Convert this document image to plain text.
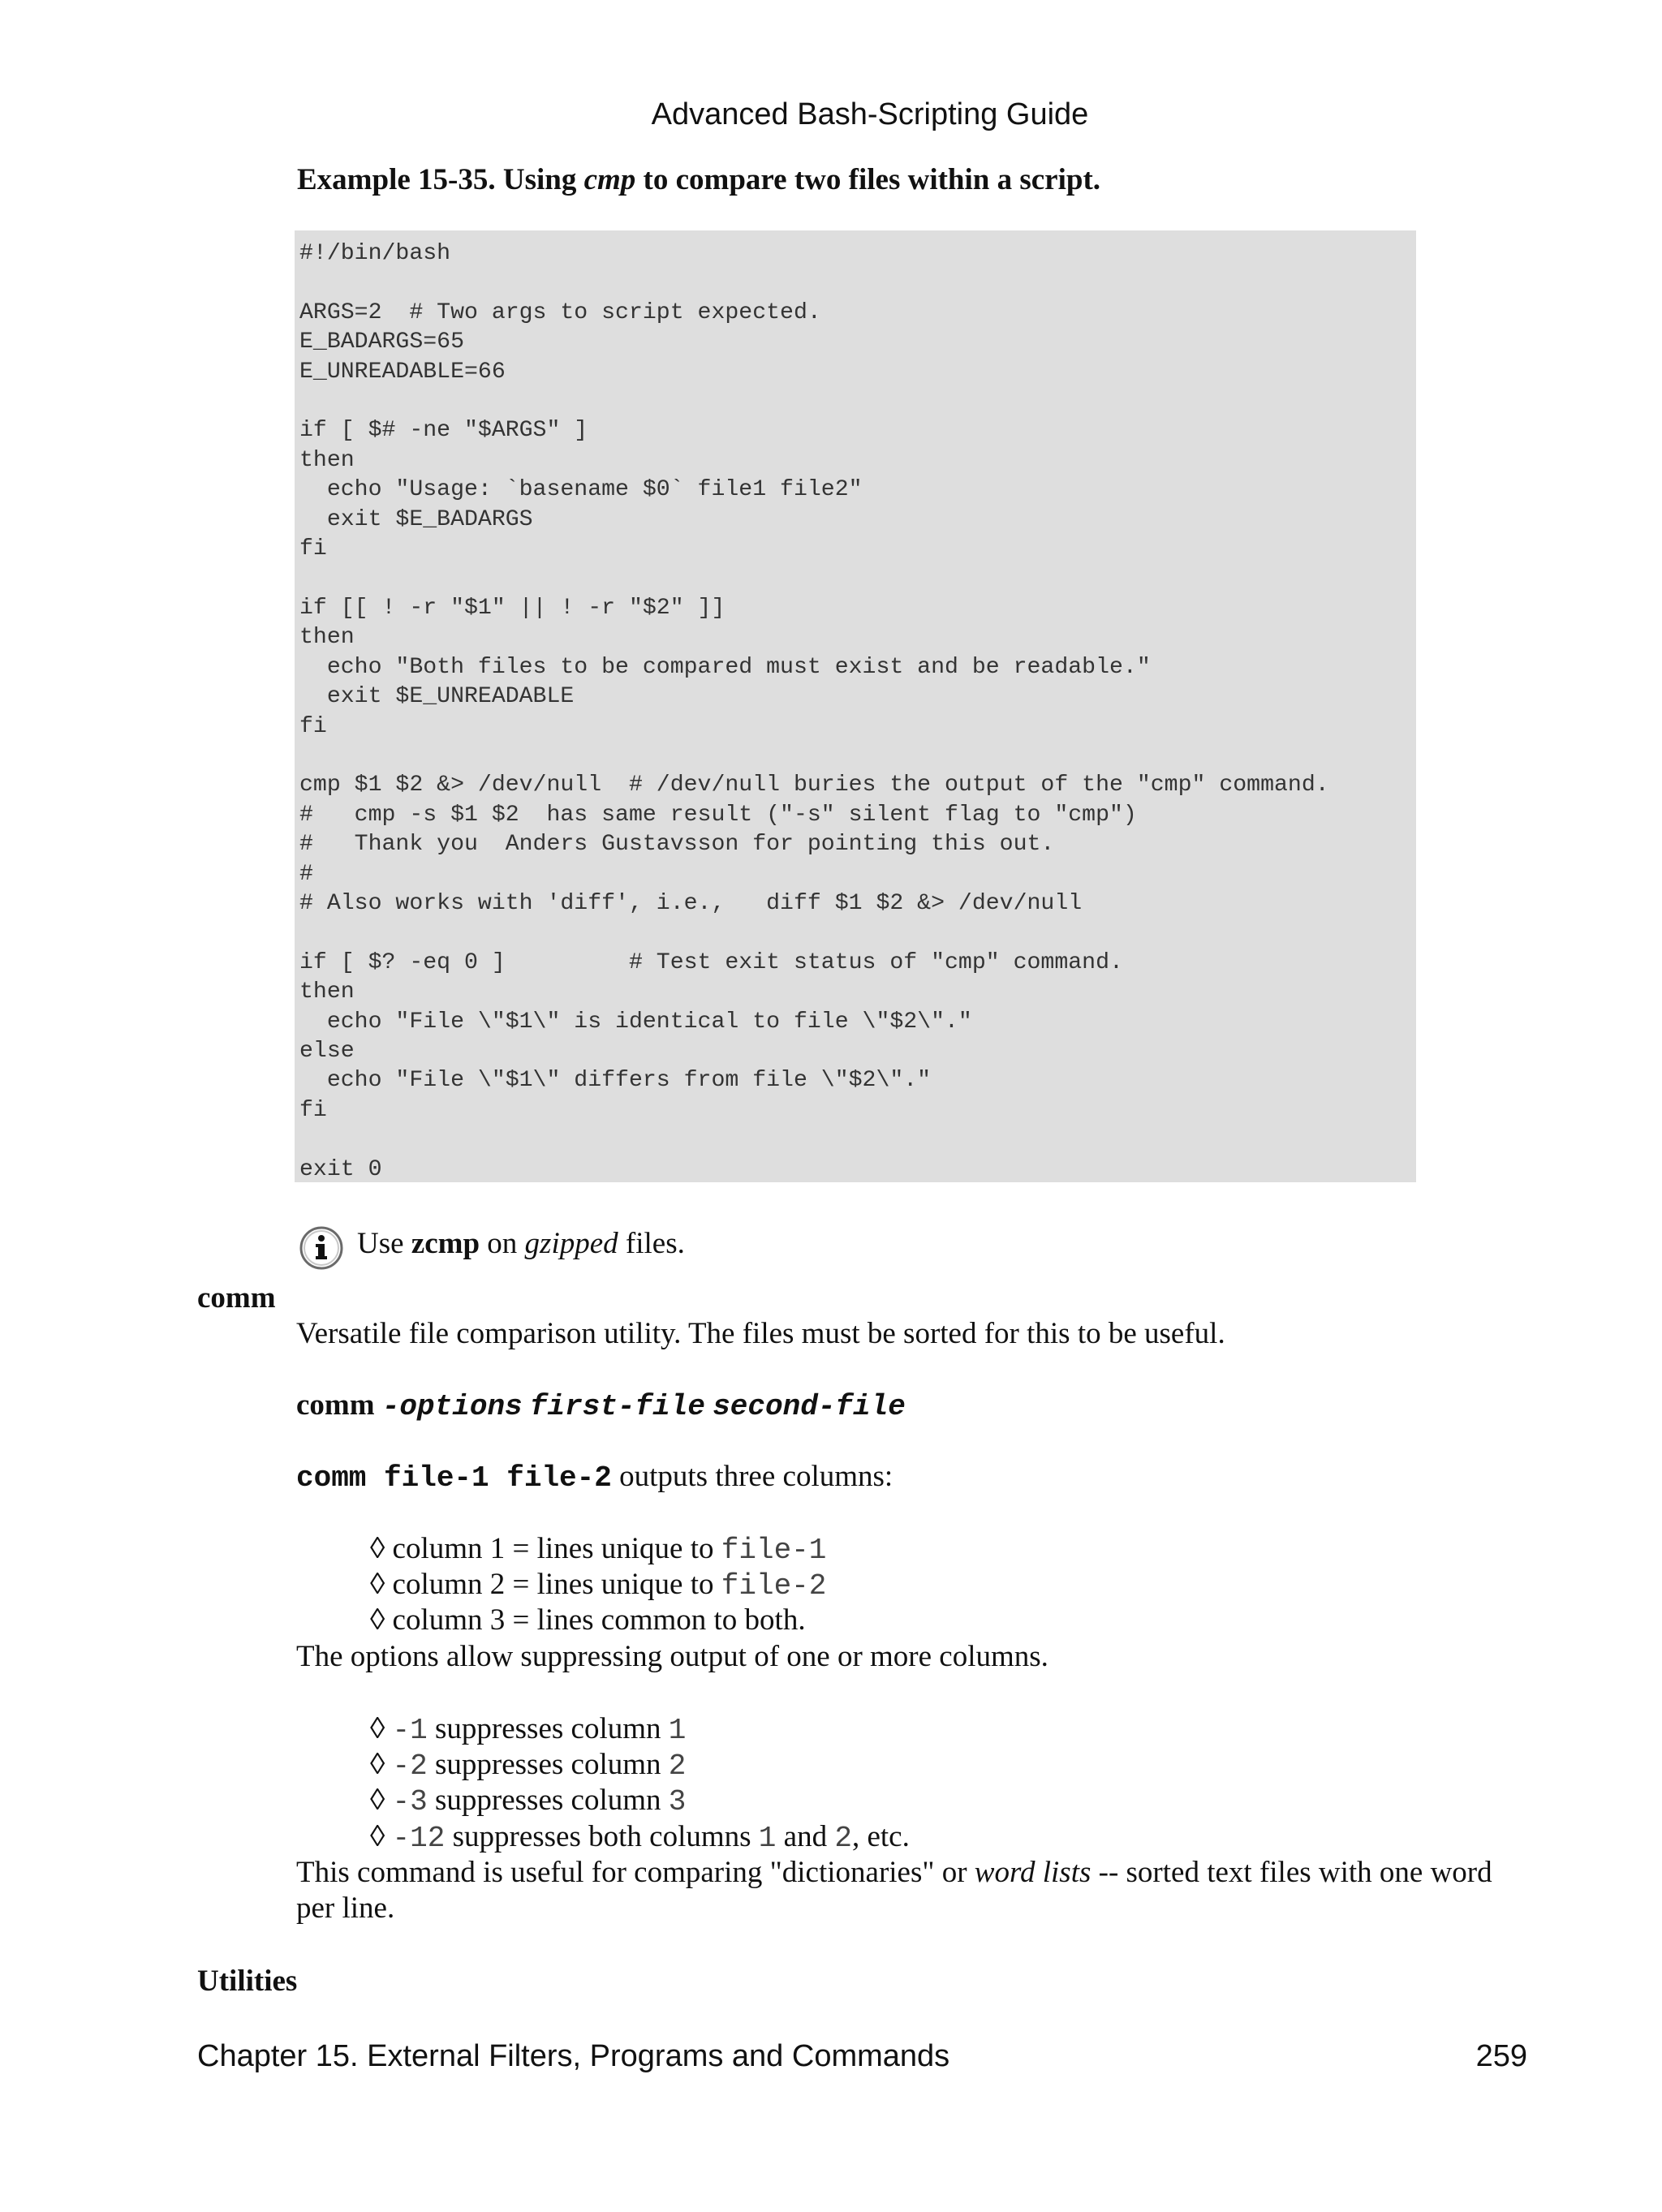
Advanced Bash-Scripting Guide
Example 15-35. Using cmp to compare two files within a script.
#!/bin/bash

ARGS=2  # Two args to script expected.
E_BADARGS=65
E_UNREADABLE=66

if [ $# -ne "$ARGS" ]
then
echo "Usage: `basename $0` file1 file2"
exit $E_BADARGS
fi

if [[ ! -r "$1" || ! -r "$2" ]]
then
echo "Both files to be compared must exist and be readable."
exit $E_UNREADABLE
fi

cmp $1 $2 &> /dev/null  # /dev/null buries the output of the "cmp" command.
#   cmp -s $1 $2  has same result ("-s" silent flag to "cmp")
#   Thank you  Anders Gustavsson for pointing this out.
#
# Also works with 'diff', i.e.,   diff $1 $2 &> /dev/null

if [ $? -eq 0 ]         # Test exit status of "cmp" command.
then
echo "File \"$1\" is identical to file \"$2\"."
else
echo "File \"$1\" differs from file \"$2\"."
fi

exit 0
Use zcmp on gzipped files.
comm
Versatile file comparison utility. The files must be sorted for this to be useful.
comm -options first-file second-file
comm file-1 file-2 outputs three columns:
◊ column 1 = lines unique to file-1
◊ column 2 = lines unique to file-2
◊ column 3 = lines common to both.
The options allow suppressing output of one or more columns.
◊ -1 suppresses column 1
◊ -2 suppresses column 2
◊ -3 suppresses column 3
◊ -12 suppresses both columns 1 and 2, etc.
This command is useful for comparing "dictionaries" or word lists -- sorted text files with one word
per line.
Utilities
Chapter 15. External Filters, Programs and Commands	259
